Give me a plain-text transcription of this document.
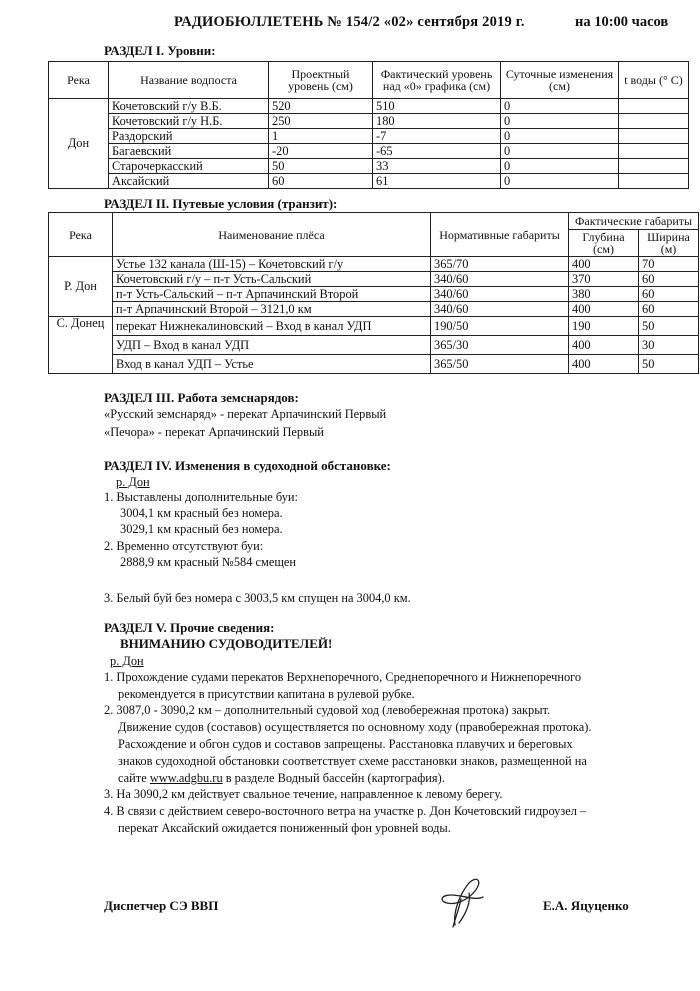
РАДИОБЮЛЛЕТЕНЬ № 154/2 «02» сентября 2019 г.	на 10:00 часов
РАЗДЕЛ I. Уровни:
Река	Название водпоста	Проектный уровень (см)	Фактический уровень над «0» графика (см)	Суточные изменения (см)	t воды (° C)
Дон	Кочетовский г/у В.Б.	520	510	0	
	Кочетовский г/у Н.Б.	250	180	0	
	Раздорский	1	-7	0	
	Багаевский	-20	-65	0	
	Старочеркасский	50	33	0	
	Аксайский	60	61	0	
РАЗДЕЛ II. Путевые условия (транзит):
Река	Наименование плёса	Нормативные габариты	Фактические габариты	
			Глубина (см)	Ширина (м)
Р. Дон	Устье 132 канала (Ш-15) – Кочетовский г/у	365/70	400	70
	Кочетовский г/у – п-т Усть-Сальский	340/60	370	60
	п-т Усть-Сальский – п-т Арпачинский Второй	340/60	380	60
	п-т Арпачинский Второй – 3121,0 км	340/60	400	60
С. Донец	перекат Нижнекалиновский – Вход в канал УДП	190/50	190	50
	УДП – Вход в канал УДП	365/30	400	30
	Вход в канал УДП – Устье	365/50	400	50
РАЗДЕЛ III. Работа земснарядов:
«Русский земснаряд» - перекат Арпачинский Первый
«Печора» - перекат Арпачинский Первый
РАЗДЕЛ IV. Изменения в судоходной обстановке:
р. Дон
1. Выставлены дополнительные буи:
3004,1 км красный без номера.
3029,1 км красный без номера.
2. Временно отсутствуют буи:
2888,9 км красный №584 смещен
3. Белый буй без номера с 3003,5 км спущен на 3004,0 км.
РАЗДЕЛ V. Прочие сведения:
ВНИМАНИЮ СУДОВОДИТЕЛЕЙ!
р. Дон
1. Прохождение судами перекатов Верхнепоречного, Среднепоречного и Нижнепоречного
рекомендуется в присутствии капитана в рулевой рубке.
2. 3087,0 - 3090,2 км – дополнительный судовой ход (левобережная протока) закрыт.
Движение судов (составов) осуществляется по основному ходу (правобережная протока).
Расхождение и обгон судов и составов запрещены. Расстановка плавучих и береговых
знаков судоходной обстановки соответствует схеме расстановки знаков, размещенной на
сайте www.adgbu.ru в разделе Водный бассейн (картография).
3. На 3090,2 км действует свальное течение, направленное к левому берегу.
4. В связи с действием северо-восточного ветра на участке р. Дон Кочетовский гидроузел –
перекат Аксайский ожидается пониженный фон уровней воды.
Диспетчер СЭ ВВП	Е.А. Яцуценко
